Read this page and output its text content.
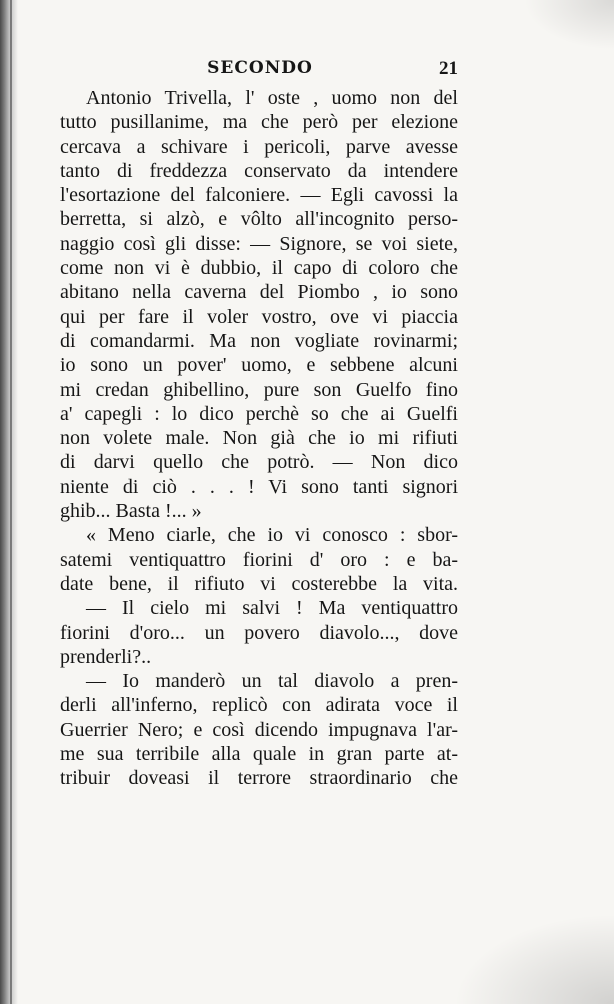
SECONDO	21
Antonio Trivella, l' oste , uomo non del
tutto pusillanime, ma che però per elezione
cercava a schivare i pericoli, parve avesse
tanto di freddezza conservato da intendere
l'esortazione del falconiere. — Egli cavossi la
berretta, si alzò, e vôlto all'incognito perso-
naggio così gli disse: — Signore, se voi siete,
come non vi è dubbio, il capo di coloro che
abitano nella caverna del Piombo , io sono
qui per fare il voler vostro, ove vi piaccia
di comandarmi. Ma non vogliate rovinarmi;
io sono un pover' uomo, e sebbene alcuni
mi credan ghibellino, pure son Guelfo fino
a' capegli : lo dico perchè so che ai Guelfi
non volete male. Non già che io mi rifiuti
di darvi quello che potrò. — Non dico
niente di ciò . . . ! Vi sono tanti signori
ghib... Basta !... »
« Meno ciarle, che io vi conosco : sbor-
satemi ventiquattro fiorini d' oro : e ba-
date bene, il rifiuto vi costerebbe la vita.
— Il cielo mi salvi ! Ma ventiquattro
fiorini d'oro... un povero diavolo..., dove
prenderli?..
— Io manderò un tal diavolo a pren-
derli all'inferno, replicò con adirata voce il
Guerrier Nero; e così dicendo impugnava l'ar-
me sua terribile alla quale in gran parte at-
tribuir doveasi il terrore straordinario che
